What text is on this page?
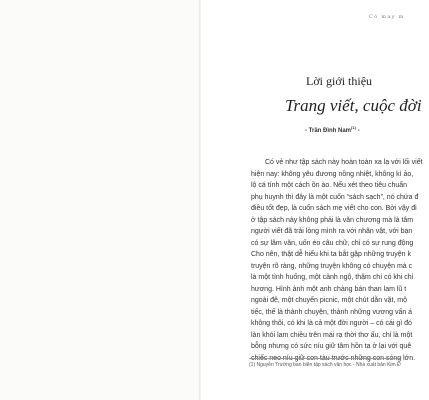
Có may m
Lời giới thiệu
Trang viết, cuộc đời
- Trần Đình Nam$^{(1)}$ -
Có vẻ như tập sách này hoàn toàn xa lạ với lối viết
hiện nay: không yêu đương nồng nhiệt, không kì ảo,
lộ cá tính một cách ồn ào. Nếu xét theo tiêu chuẩn
phụ huynh thì đây là một cuốn “sách sạch”, nó chứa đ
điều tốt đẹp, là cuốn sách mẹ viết cho con. Bởi vậy đi
ở tập sách này không phải là văn chương mà là tâm
người viết đã trải lòng mình ra với nhân vật, với bạn
có sự lâm văn, uốn éo câu chữ, chỉ có sự rung động
Cho nên, thật dễ hiểu khi ta bắt gặp những truyện k
truyện rõ ràng, những truyện không có chuyện mà c
là một tình huống, một cảnh ngộ, thậm chí có khi chỉ
hương. Hình ảnh một anh chàng bán than lam lũ t
ngoài đê, một chuyến picnic, một chút dằn vặt, mộ
tiếc, thế là thành chuyện, thành những vương vấn á
không thôi, có khi là cả một đời người – có cái gì đó
làn khói lam chiều trên mái rạ thời thơ ấu, chỉ là một
bỗng nhưng có sức níu giữ tâm hồn ta ở lại với quê
chiếc neo níu giữ con tàu trước những con sóng lớn.
(1) Nguyễn Trường ban biên tập sách văn học - Nhà xuất bản Kim Đ
